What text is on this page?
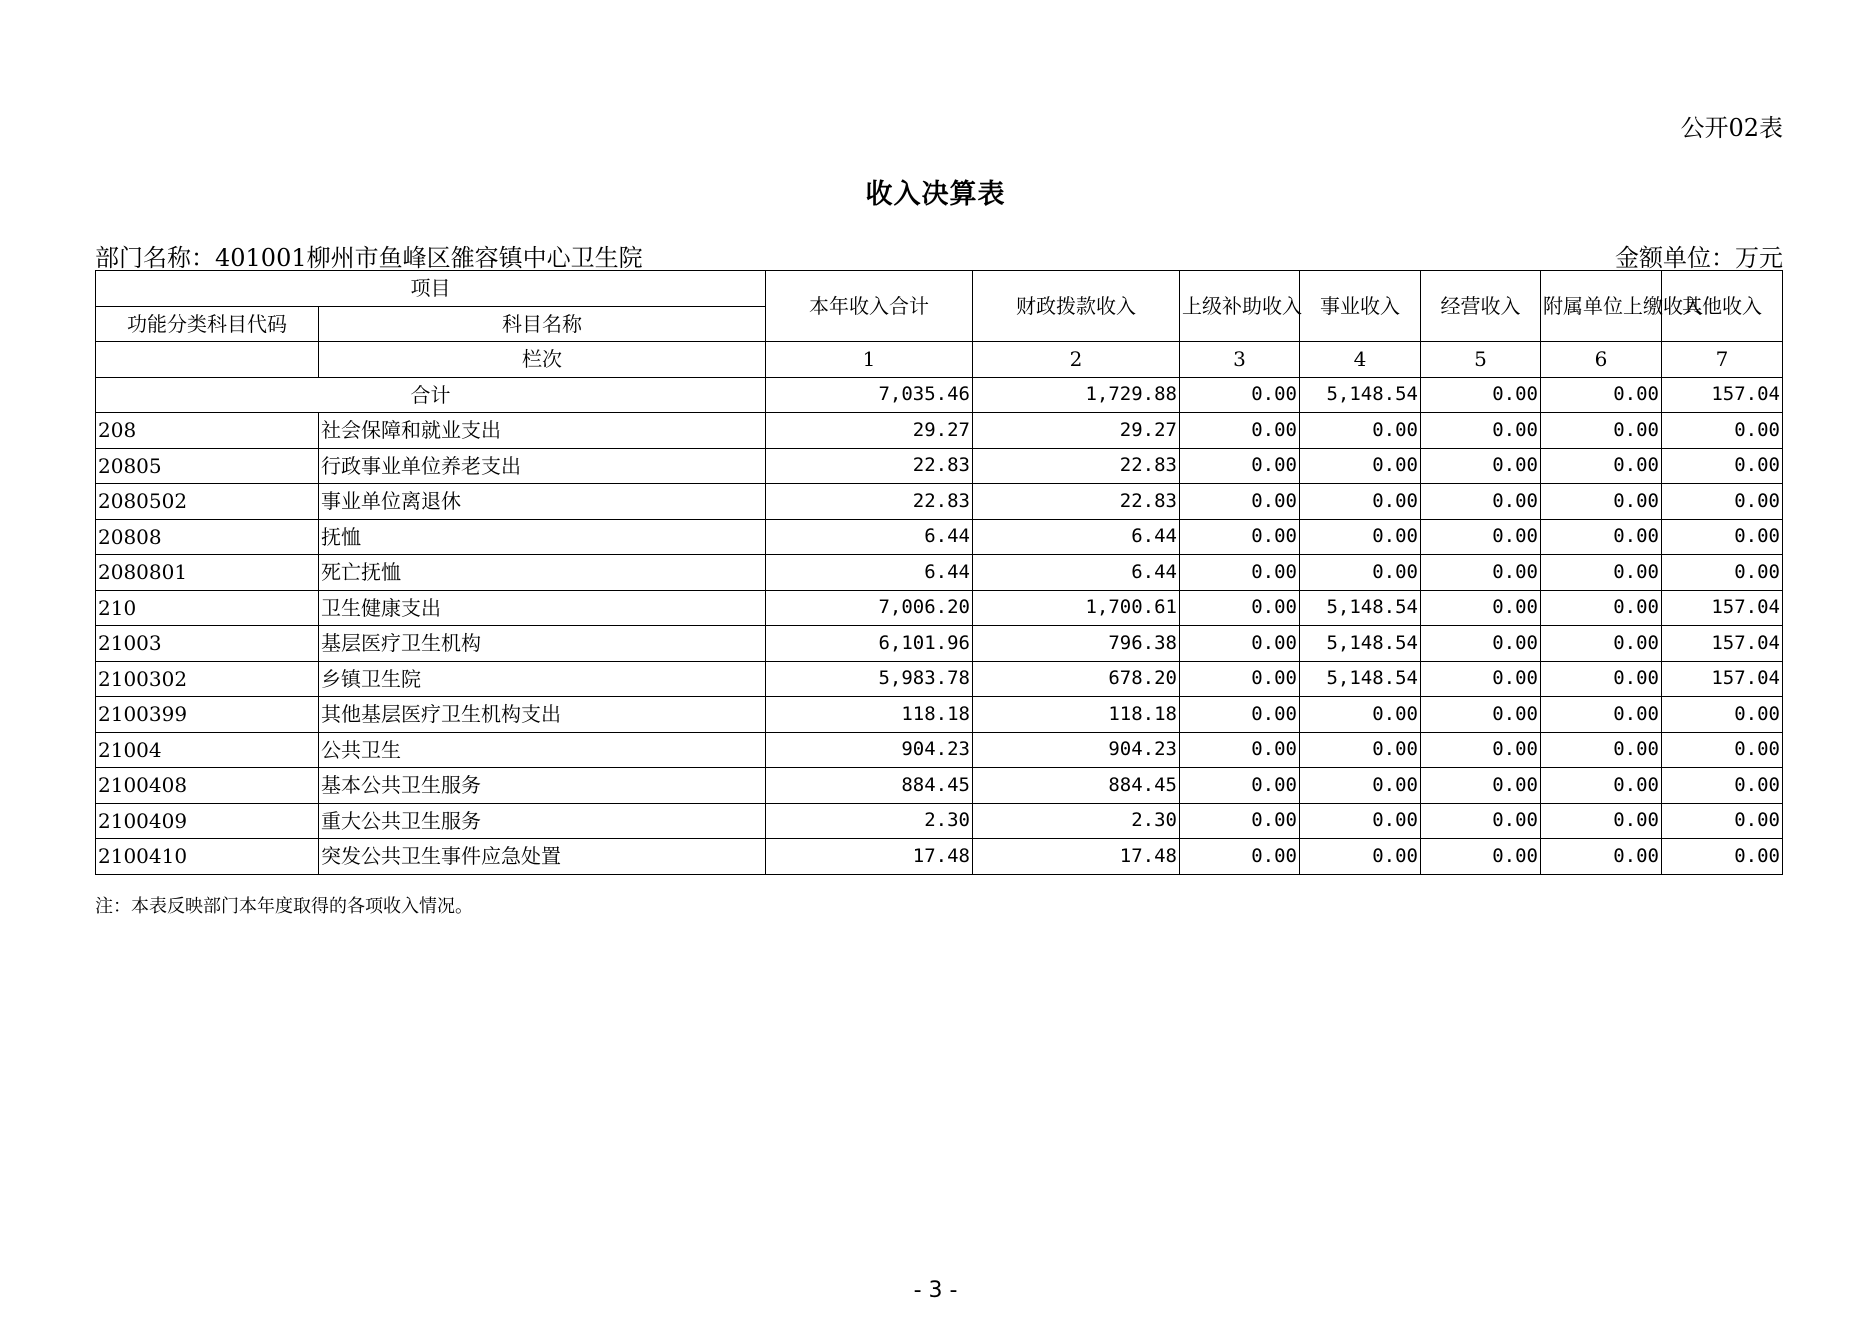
公开02表
收入决算表
部门名称：401001柳州市鱼峰区雒容镇中心卫生院	金额单位：万元
项目		本年收入合计	财政拨款收入	上级补助收入	事业收入	经营收入	附属单位上缴收入	其他收入
功能分类科目代码	科目名称							
	栏次	1	2	3	4	5	6	7
合计		7,035.46	1,729.88	0.00	5,148.54	0.00	0.00	157.04
208	社会保障和就业支出	29.27	29.27	0.00	0.00	0.00	0.00	0.00
20805	行政事业单位养老支出	22.83	22.83	0.00	0.00	0.00	0.00	0.00
2080502	事业单位离退休	22.83	22.83	0.00	0.00	0.00	0.00	0.00
20808	抚恤	6.44	6.44	0.00	0.00	0.00	0.00	0.00
2080801	死亡抚恤	6.44	6.44	0.00	0.00	0.00	0.00	0.00
210	卫生健康支出	7,006.20	1,700.61	0.00	5,148.54	0.00	0.00	157.04
21003	基层医疗卫生机构	6,101.96	796.38	0.00	5,148.54	0.00	0.00	157.04
2100302	乡镇卫生院	5,983.78	678.20	0.00	5,148.54	0.00	0.00	157.04
2100399	其他基层医疗卫生机构支出	118.18	118.18	0.00	0.00	0.00	0.00	0.00
21004	公共卫生	904.23	904.23	0.00	0.00	0.00	0.00	0.00
2100408	基本公共卫生服务	884.45	884.45	0.00	0.00	0.00	0.00	0.00
2100409	重大公共卫生服务	2.30	2.30	0.00	0.00	0.00	0.00	0.00
2100410	突发公共卫生事件应急处置	17.48	17.48	0.00	0.00	0.00	0.00	0.00
注：本表反映部门本年度取得的各项收入情况。
- 3 -
